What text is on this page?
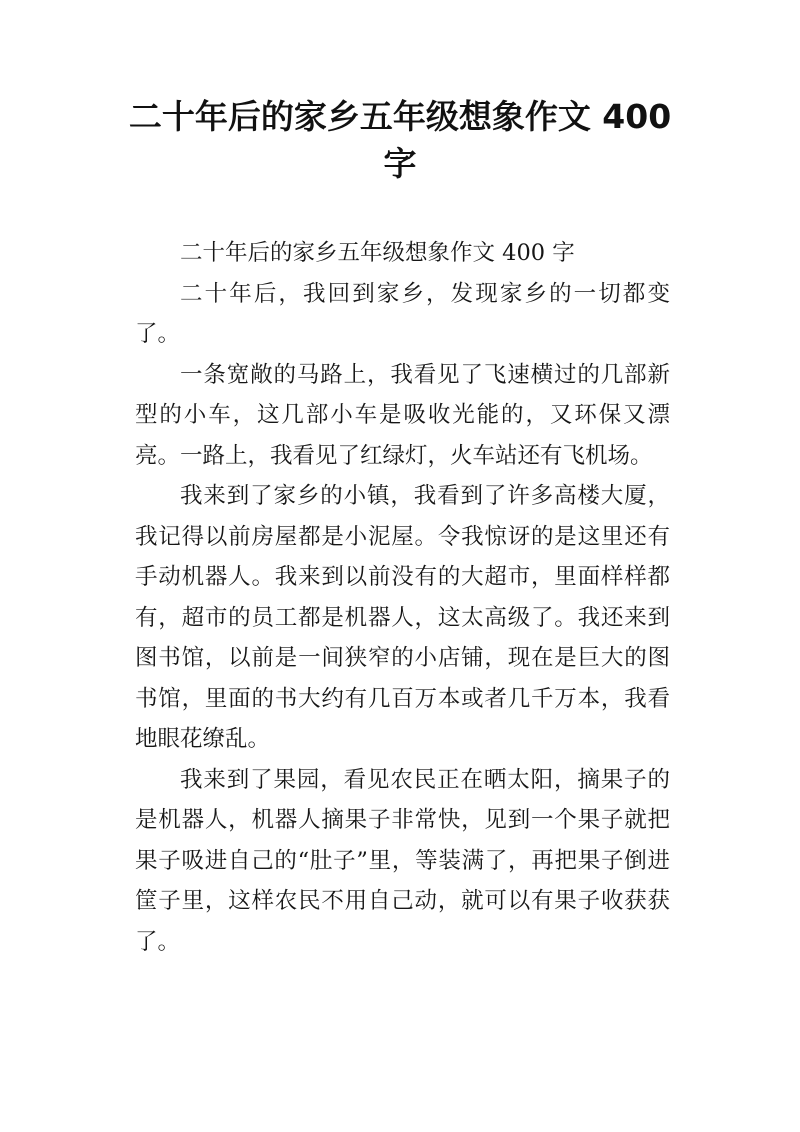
二十年后的家乡五年级想象作文 400 字

二十年后的家乡五年级想象作文 400 字

二十年后，我回到家乡，发现家乡的一切都变了。

一条宽敞的马路上，我看见了飞速横过的几部新型的小车，这几部小车是吸收光能的，又环保又漂亮。一路上，我看见了红绿灯，火车站还有飞机场。

我来到了家乡的小镇，我看到了许多高楼大厦，我记得以前房屋都是小泥屋。令我惊讶的是这里还有手动机器人。我来到以前没有的大超市，里面样样都有，超市的员工都是机器人，这太高级了。我还来到图书馆，以前是一间狭窄的小店铺，现在是巨大的图书馆，里面的书大约有几百万本或者几千万本，我看地眼花缭乱。

我来到了果园，看见农民正在晒太阳，摘果子的是机器人，机器人摘果子非常快，见到一个果子就把果子吸进自己的“肚子”里，等装满了，再把果子倒进筐子里，这样农民不用自己动，就可以有果子收获获了。
